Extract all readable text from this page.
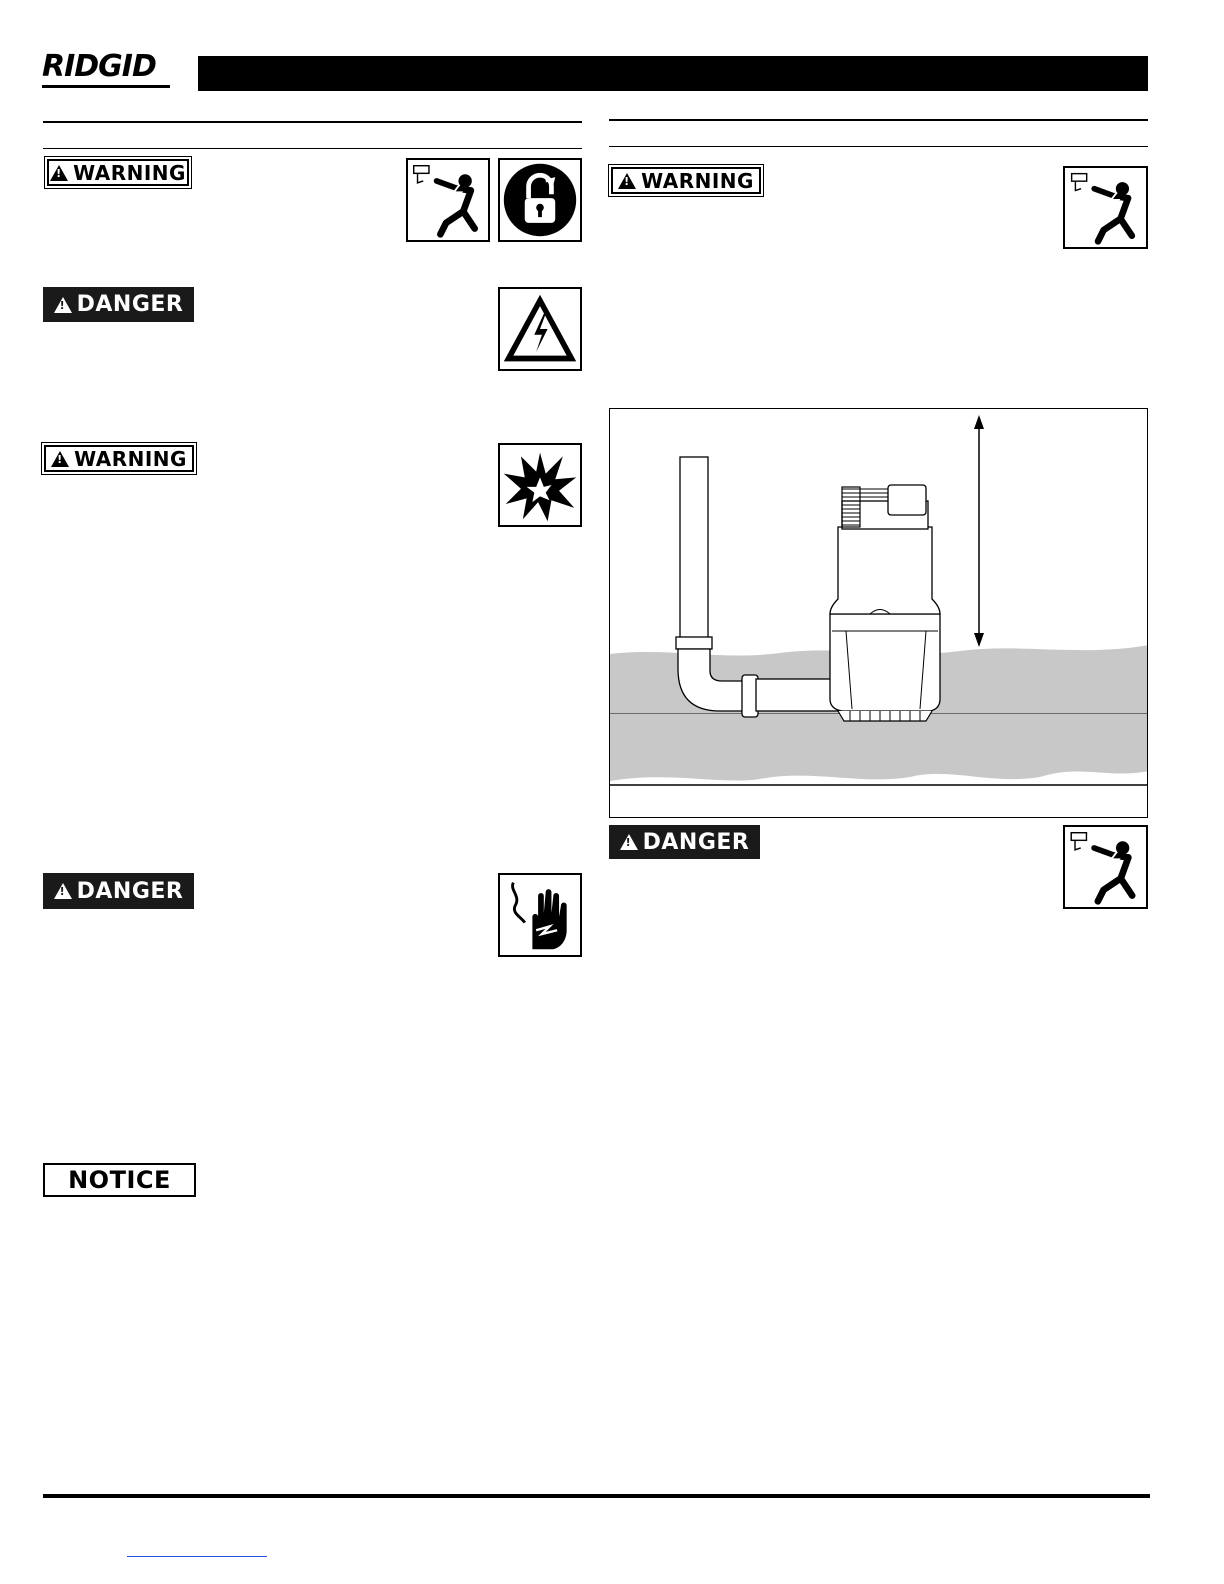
RIDGID
!
WARNING
!
DANGER
!
WARNING
!
DANGER
NOTICE
!
WARNING
!
DANGER
